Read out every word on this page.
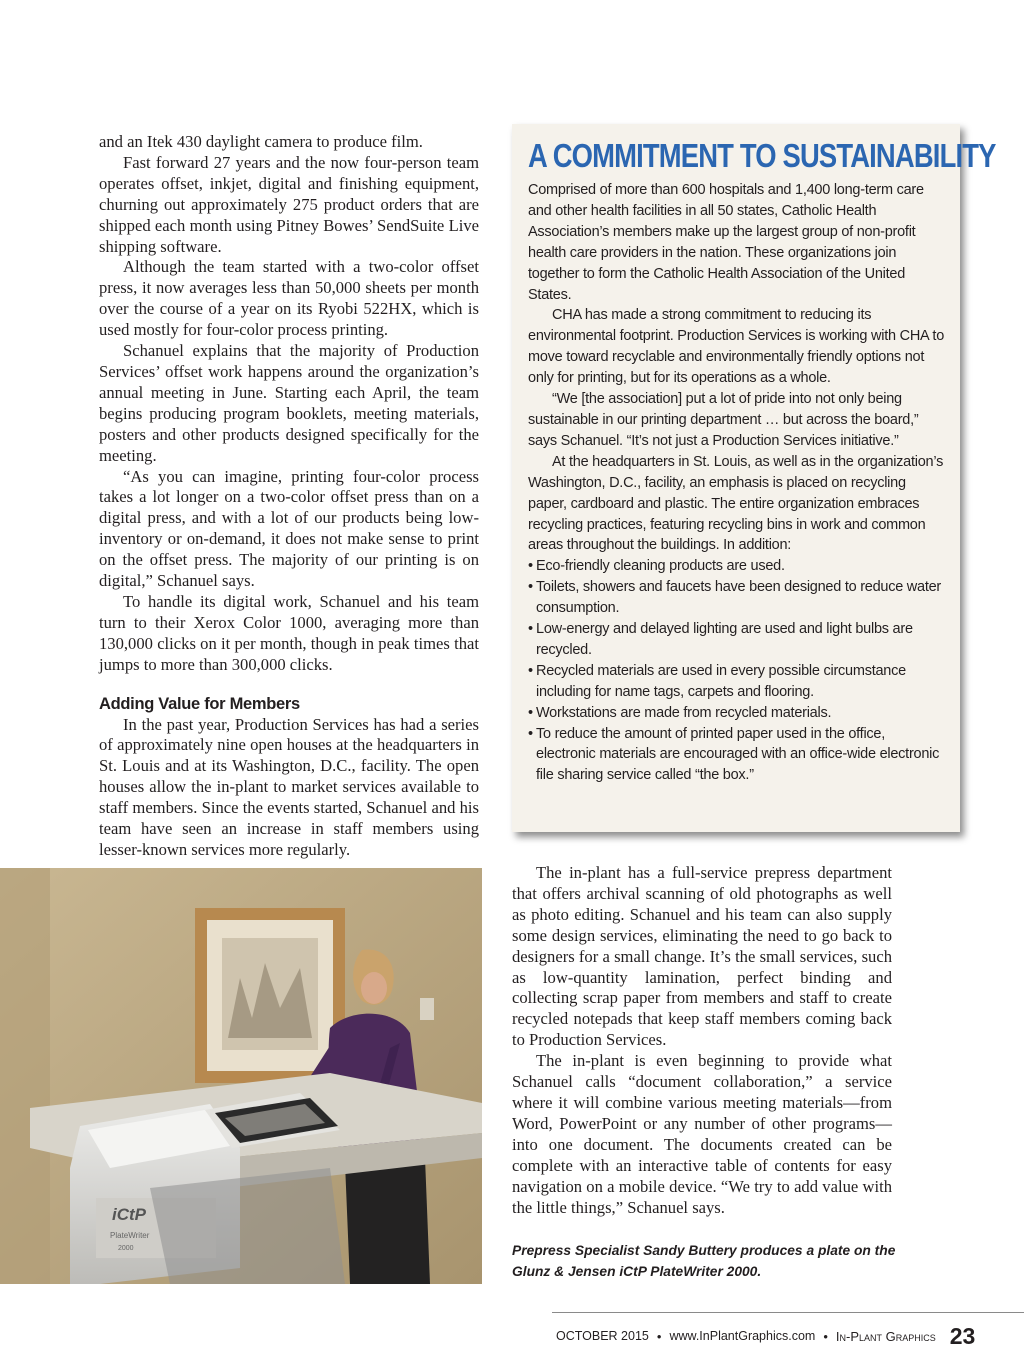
and an Itek 430 daylight camera to produce film.

Fast forward 27 years and the now four-person team operates offset, inkjet, digital and finishing equipment, churning out approximately 275 product orders that are shipped each month using Pitney Bowes’ SendSuite Live shipping software.

Although the team started with a two-color offset press, it now averages less than 50,000 sheets per month over the course of a year on its Ryobi 522HX, which is used mostly for four-color process printing.

Schanuel explains that the majority of Production Services’ offset work happens around the organization’s annual meeting in June. Starting each April, the team begins producing program booklets, meeting materials, posters and other products designed specifically for the meeting.

“As you can imagine, printing four-color process takes a lot longer on a two-color offset press than on a digital press, and with a lot of our products being low-inventory or on-demand, it does not make sense to print on the offset press. The majority of our printing is on digital,” Schanuel says.

To handle its digital work, Schanuel and his team turn to their Xerox Color 1000, averaging more than 130,000 clicks on it per month, though in peak times that jumps to more than 300,000 clicks.

Adding Value for Members

In the past year, Production Services has had a series of approximately nine open houses at the headquarters in St. Louis and at its Washington, D.C., facility. The open houses allow the in-plant to market services available to staff members. Since the events started, Schanuel and his team have seen an increase in staff members using lesser-known services more regularly.

A COMMITMENT TO SUSTAINABILITY

Comprised of more than 600 hospitals and 1,400 long-term care and other health facilities in all 50 states, Catholic Health Association’s members make up the largest group of non-profit health care providers in the nation. These organizations join together to form the Catholic Health Association of the United States.

CHA has made a strong commitment to reducing its environmental footprint. Production Services is working with CHA to move toward recyclable and environmentally friendly options not only for printing, but for its operations as a whole.

“We [the association] put a lot of pride into not only being sustainable in our printing department … but across the board,” says Schanuel. “It’s not just a Production Services initiative.”

At the headquarters in St. Louis, as well as in the organization’s Washington, D.C., facility, an emphasis is placed on recycling paper, cardboard and plastic. The entire organization embraces recycling practices, featuring recycling bins in work and common areas throughout the buildings. In addition:

• Eco-friendly cleaning products are used.
• Toilets, showers and faucets have been designed to reduce water consumption.
• Low-energy and delayed lighting are used and light bulbs are recycled.
• Recycled materials are used in every possible circumstance including for name tags, carpets and flooring.
• Workstations are made from recycled materials.
• To reduce the amount of printed paper used in the office, electronic materials are encouraged with an office-wide electronic file sharing service called “the box.”

The in-plant has a full-service prepress department that offers archival scanning of old photographs as well as photo editing. Schanuel and his team can also supply some design services, eliminating the need to go back to designers for a small change. It’s the small services, such as low-quantity lamination, perfect binding and collecting scrap paper from members and staff to create recycled notepads that keep staff members coming back to Production Services.

The in-plant is even beginning to provide what Schanuel calls “document collaboration,” a service where it will combine various meeting materials—from Word, PowerPoint or any number of other programs—into one document. The documents created can be complete with an interactive table of contents for easy navigation on a mobile device. “We try to add value with the little things,” Schanuel says.

iCtP
PlateWriter
2000	Prepress Specialist Sandy Buttery produces a plate on the Glunz & Jensen iCtP PlateWriter 2000.
OCTOBER 2015 • www.InPlantGraphics.com • In-Plant Graphics 23
